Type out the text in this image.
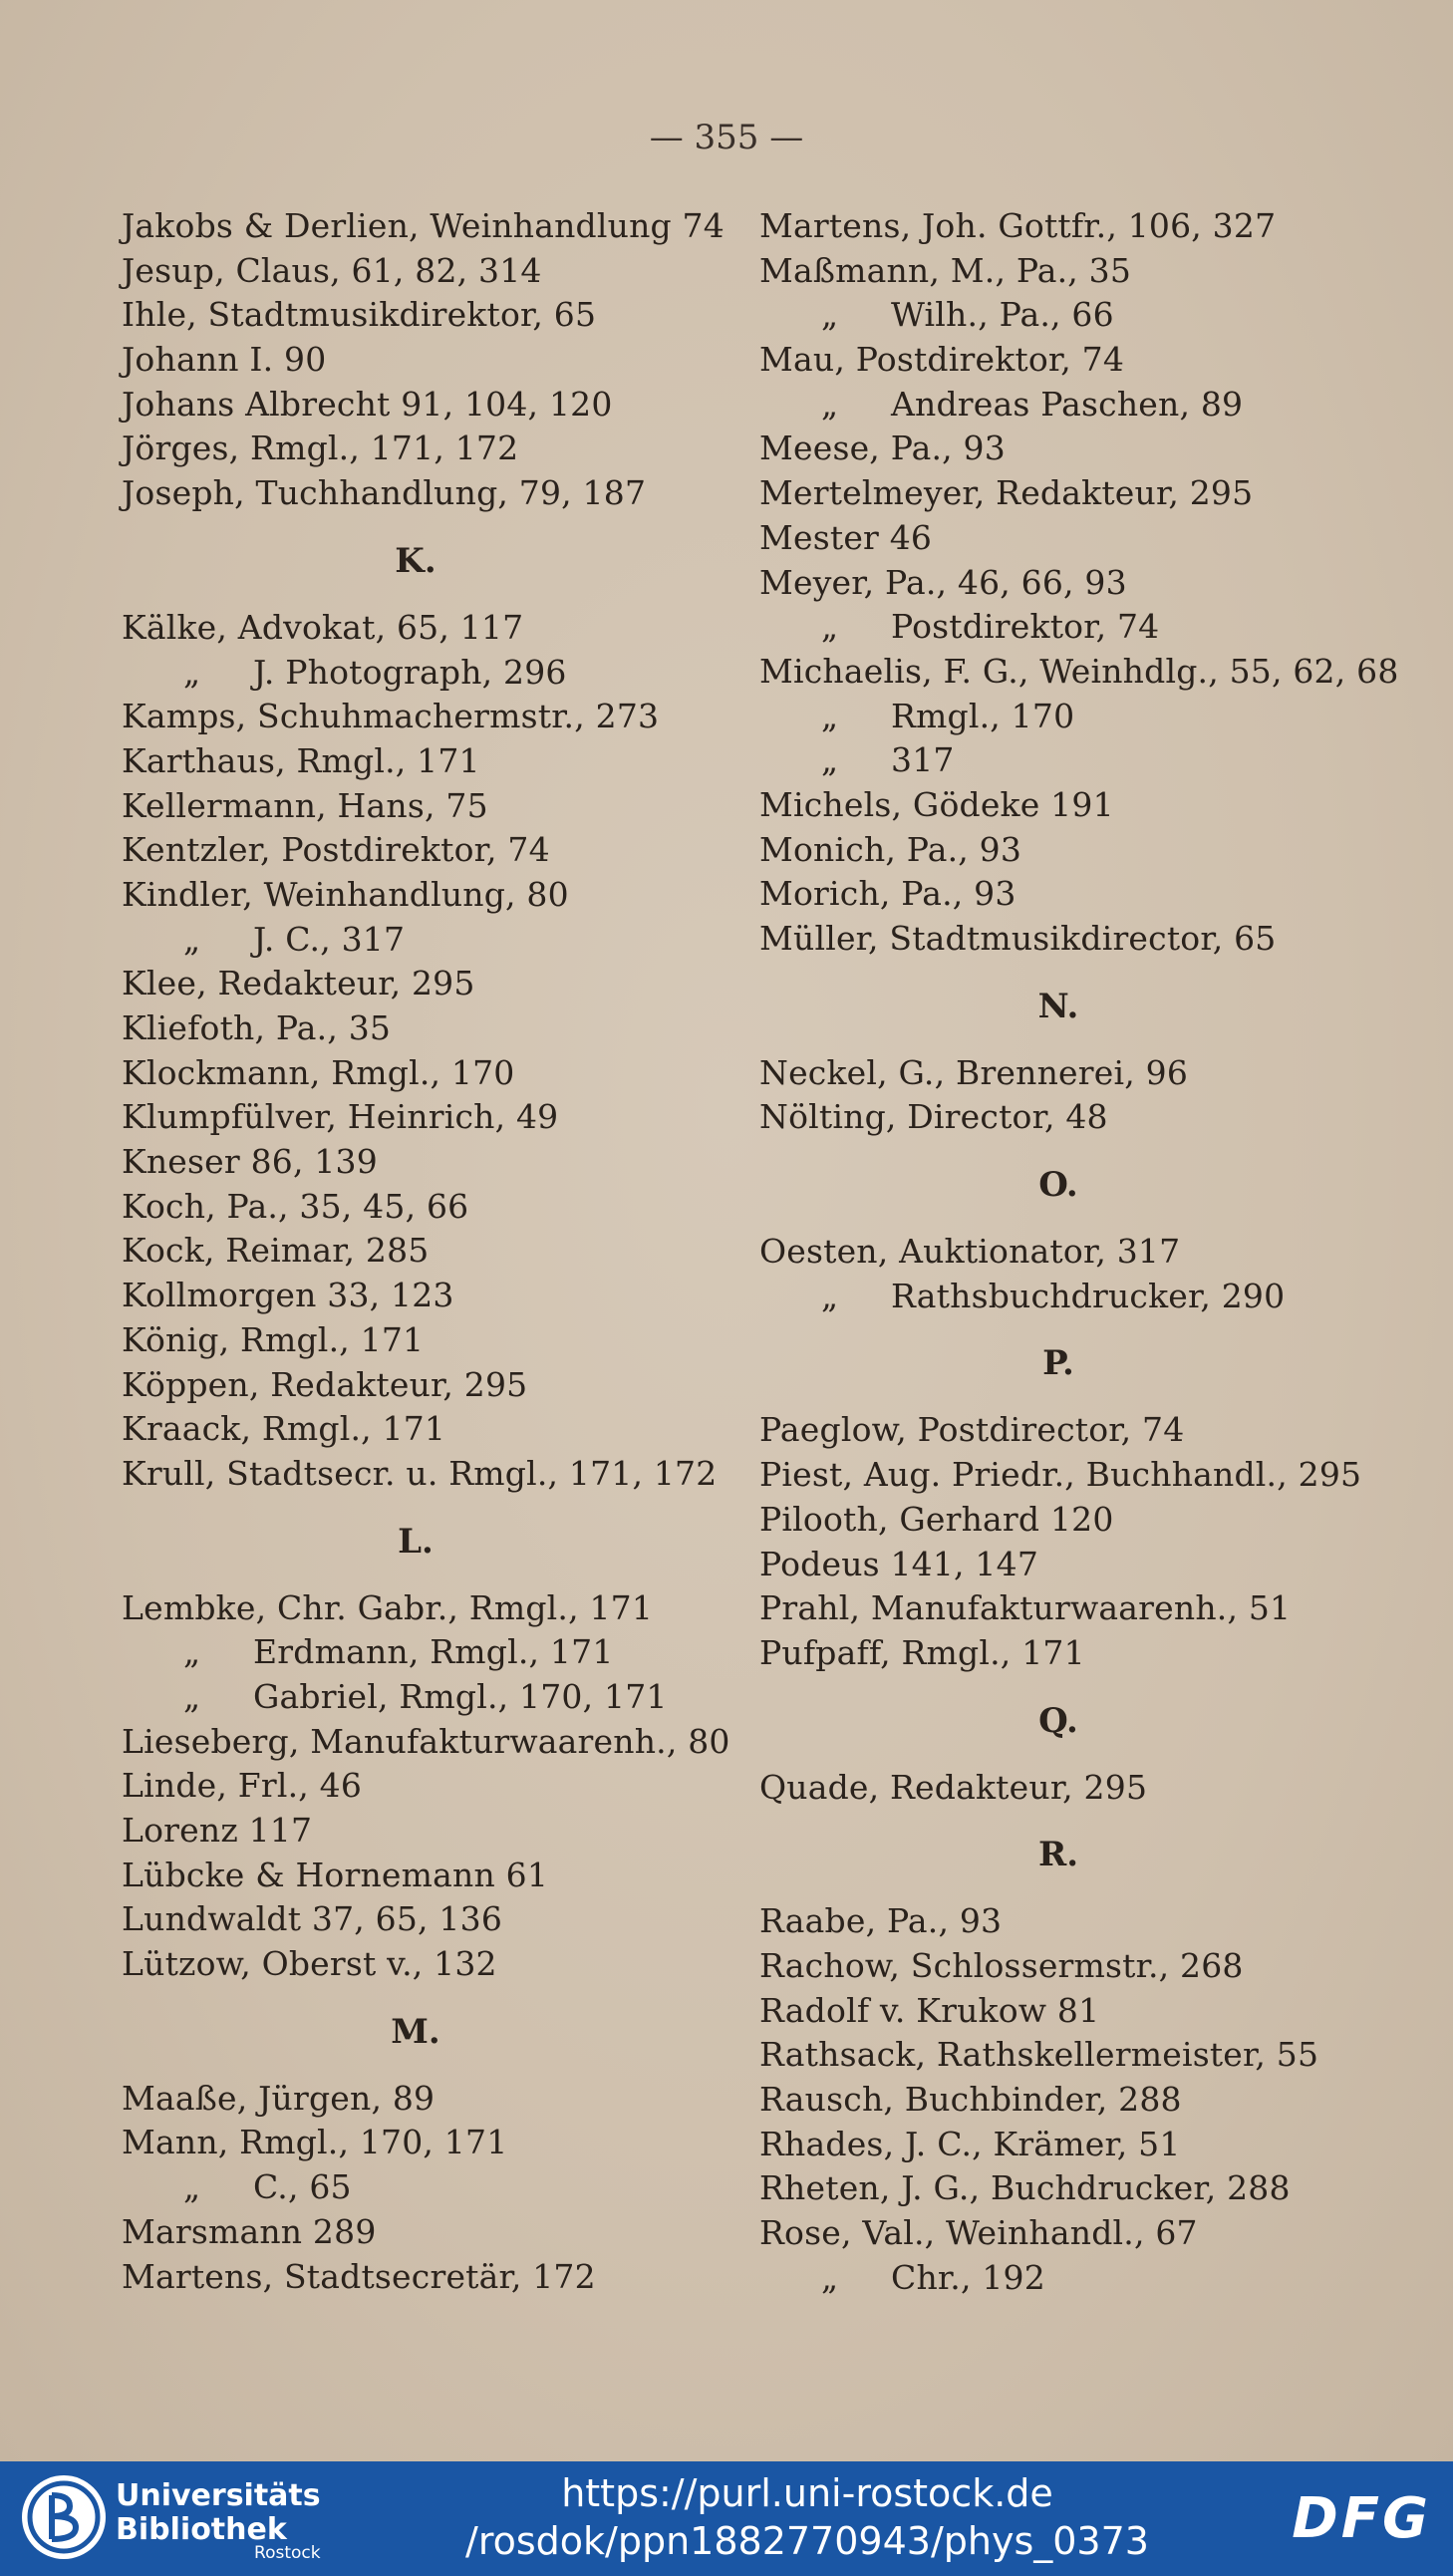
— 355 —
Jakobs & Derlien, Weinhandlung 74
Jesup, Claus, 61, 82, 314
Ihle, Stadtmusikdirektor, 65
Johann I. 90
Johans Albrecht 91, 104, 120
Jörges, Rmgl., 171, 172
Joseph, Tuchhandlung, 79, 187
K.
Kälke, Advokat, 65, 117
„ J. Photograph, 296
Kamps, Schuhmachermstr., 273
Karthaus, Rmgl., 171
Kellermann, Hans, 75
Kentzler, Postdirektor, 74
Kindler, Weinhandlung, 80
„ J. C., 317
Klee, Redakteur, 295
Kliefoth, Pa., 35
Klockmann, Rmgl., 170
Klumpfülver, Heinrich, 49
Kneser 86, 139
Koch, Pa., 35, 45, 66
Kock, Reimar, 285
Kollmorgen 33, 123
König, Rmgl., 171
Köppen, Redakteur, 295
Kraack, Rmgl., 171
Krull, Stadtsecr. u. Rmgl., 171, 172
L.
Lembke, Chr. Gabr., Rmgl., 171
„ Erdmann, Rmgl., 171
„ Gabriel, Rmgl., 170, 171
Lieseberg, Manufakturwaarenh., 80
Linde, Frl., 46
Lorenz 117
Lübcke & Hornemann 61
Lundwaldt 37, 65, 136
Lützow, Oberst v., 132
M.
Maaße, Jürgen, 89
Mann, Rmgl., 170, 171
„ C., 65
Marsmann 289
Martens, Stadtsecretär, 172
Martens, Joh. Gottfr., 106, 327
Maßmann, M., Pa., 35
„ Wilh., Pa., 66
Mau, Postdirektor, 74
„ Andreas Paschen, 89
Meese, Pa., 93
Mertelmeyer, Redakteur, 295
Mester 46
Meyer, Pa., 46, 66, 93
„ Postdirektor, 74
Michaelis, F. G., Weinhdlg., 55, 62, 68
„ Rmgl., 170
„ 317
Michels, Gödeke 191
Monich, Pa., 93
Morich, Pa., 93
Müller, Stadtmusikdirector, 65
N.
Neckel, G., Brennerei, 96
Nölting, Director, 48
O.
Oesten, Auktionator, 317
„ Rathsbuchdrucker, 290
P.
Paeglow, Postdirector, 74
Piest, Aug. Priedr., Buchhandl., 295
Pilooth, Gerhard 120
Podeus 141, 147
Prahl, Manufakturwaarenh., 51
Pufpaff, Rmgl., 171
Q.
Quade, Redakteur, 295
R.
Raabe, Pa., 93
Rachow, Schlossermstr., 268
Radolf v. Krukow 81
Rathsack, Rathskellermeister, 55
Rausch, Buchbinder, 288
Rhades, J. C., Krämer, 51
Rheten, J. G., Buchdrucker, 288
Rose, Val., Weinhandl., 67
„ Chr., 192
Universitäts
Bibliothek
Rostock
https://purl.uni-rostock.de
/rosdok/ppn1882770943/phys_0373	DFG
